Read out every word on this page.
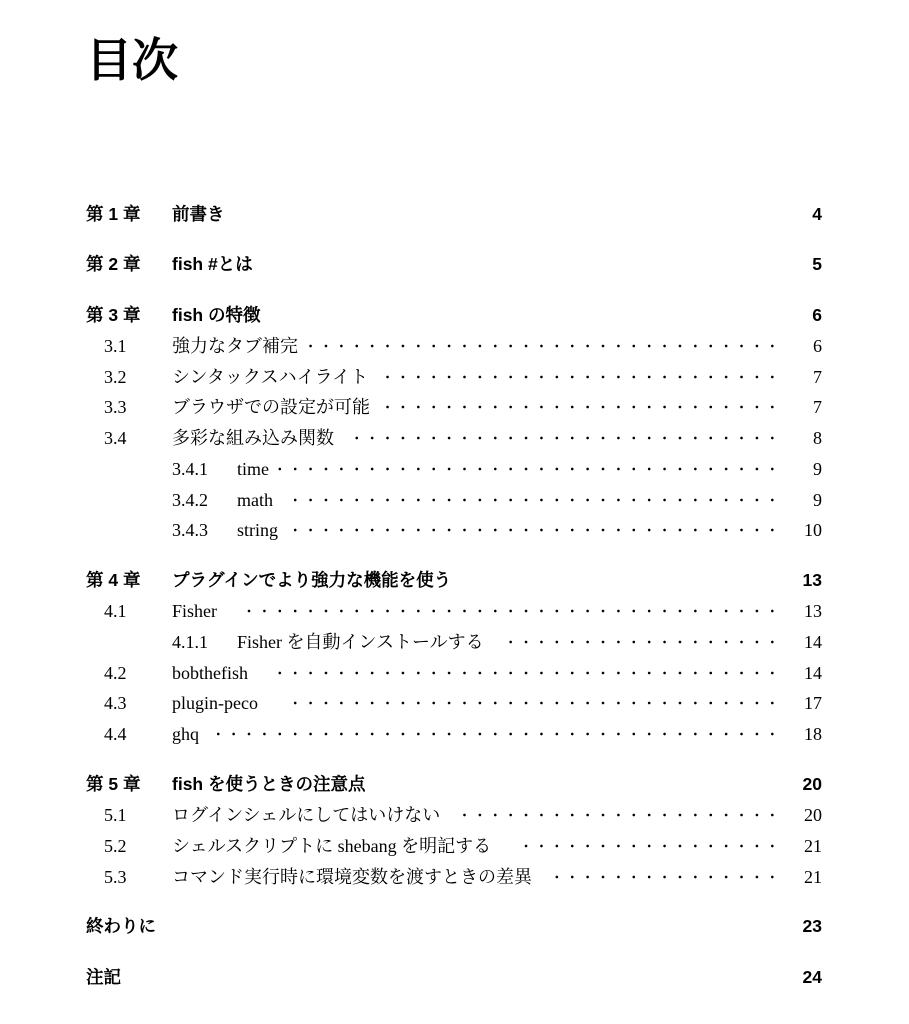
目次
第 1 章 前書き	4
第 2 章 fish #とは	5
第 3 章 fish の特徴	6
3.1	強力なタブ補完	6
3.2	シンタックスハイライト	7
3.3	ブラウザでの設定が可能	7
3.4	多彩な組み込み関数	8
3.4.1 time	9
3.4.2 math	9
3.4.3 string	10
第 4 章 プラグインでより強力な機能を使う	13
4.1	Fisher	13
4.1.1 Fisher を自動インストールする	14
4.2	bobthefish	14
4.3	plugin-peco	17
4.4	ghq	18
第 5 章 fish を使うときの注意点	20
5.1	ログインシェルにしてはいけない	20
5.2	シェルスクリプトに shebang を明記する	21
5.3	コマンド実行時に環境変数を渡すときの差異	21
終わりに	23
注記	24
